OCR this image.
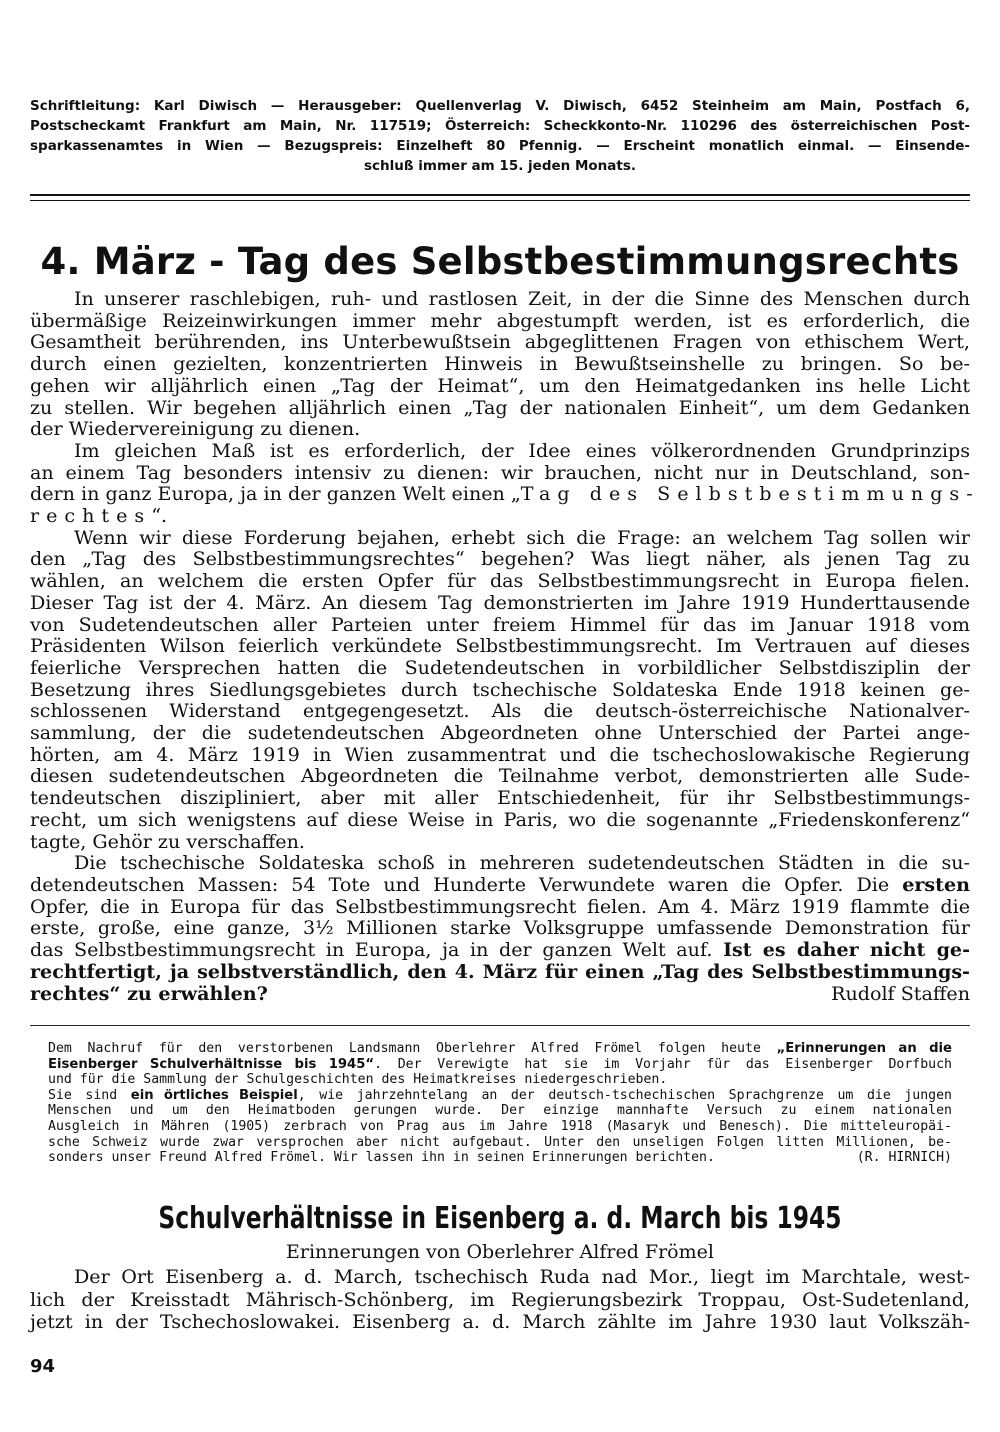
Schriftleitung: Karl Diwisch — Herausgeber: Quellenverlag V. Diwisch, 6452 Steinheim am Main, Postfach 6,
Postscheckamt Frankfurt am Main, Nr. 117519; Österreich: Scheckkonto-Nr. 110296 des österreichischen Post-
sparkassenamtes in Wien — Bezugspreis: Einzelheft 80 Pfennig. — Erscheint monatlich einmal. — Einsende-
schluß immer am 15. jeden Monats.
4. März - Tag des Selbstbestimmungsrechts
In unserer raschlebigen, ruh- und rastlosen Zeit, in der die Sinne des Menschen durch
übermäßige Reizeinwirkungen immer mehr abgestumpft werden, ist es erforderlich, die
Gesamtheit berührenden, ins Unterbewußtsein abgeglittenen Fragen von ethischem Wert,
durch einen gezielten, konzentrierten Hinweis in Bewußtseinshelle zu bringen. So be-
gehen wir alljährlich einen „Tag der Heimat“, um den Heimatgedanken ins helle Licht
zu stellen. Wir begehen alljährlich einen „Tag der nationalen Einheit“, um dem Gedanken
der Wiedervereinigung zu dienen.
Im gleichen Maß ist es erforderlich, der Idee eines völkerordnenden Grundprinzips
an einem Tag besonders intensiv zu dienen: wir brauchen, nicht nur in Deutschland, son-
dern in ganz Europa, ja in der ganzen Welt einen „Tag des Selbstbestimmungs-
rechtes“.
Wenn wir diese Forderung bejahen, erhebt sich die Frage: an welchem Tag sollen wir
den „Tag des Selbstbestimmungsrechtes“ begehen? Was liegt näher, als jenen Tag zu
wählen, an welchem die ersten Opfer für das Selbstbestimmungsrecht in Europa fielen.
Dieser Tag ist der 4. März. An diesem Tag demonstrierten im Jahre 1919 Hunderttausende
von Sudetendeutschen aller Parteien unter freiem Himmel für das im Januar 1918 vom
Präsidenten Wilson feierlich verkündete Selbstbestimmungsrecht. Im Vertrauen auf dieses
feierliche Versprechen hatten die Sudetendeutschen in vorbildlicher Selbstdisziplin der
Besetzung ihres Siedlungsgebietes durch tschechische Soldateska Ende 1918 keinen ge-
schlossenen Widerstand entgegengesetzt. Als die deutsch-österreichische Nationalver-
sammlung, der die sudetendeutschen Abgeordneten ohne Unterschied der Partei ange-
hörten, am 4. März 1919 in Wien zusammentrat und die tschechoslowakische Regierung
diesen sudetendeutschen Abgeordneten die Teilnahme verbot, demonstrierten alle Sude-
tendeutschen diszipliniert, aber mit aller Entschiedenheit, für ihr Selbstbestimmungs-
recht, um sich wenigstens auf diese Weise in Paris, wo die sogenannte „Friedenskonferenz“
tagte, Gehör zu verschaffen.
Die tschechische Soldateska schoß in mehreren sudetendeutschen Städten in die su-
detendeutschen Massen: 54 Tote und Hunderte Verwundete waren die Opfer. Die ersten
Opfer, die in Europa für das Selbstbestimmungsrecht fielen. Am 4. März 1919 flammte die
erste, große, eine ganze, 3½ Millionen starke Volksgruppe umfassende Demonstration für
das Selbstbestimmungsrecht in Europa, ja in der ganzen Welt auf. Ist es daher nicht ge-
rechtfertigt, ja selbstverständlich, den 4. März für einen „Tag des Selbstbestimmungs-
rechtes“ zu erwählen?	Rudolf Staffen
Dem Nachruf für den verstorbenen Landsmann Oberlehrer Alfred Frömel folgen heute „Erinnerungen an die
Eisenberger Schulverhältnisse bis 1945“. Der Verewigte hat sie im Vorjahr für das Eisenberger Dorfbuch
und für die Sammlung der Schulgeschichten des Heimatkreises niedergeschrieben.
Sie sind ein örtliches Beispiel, wie jahrzehntelang an der deutsch-tschechischen Sprachgrenze um die jungen
Menschen und um den Heimatboden gerungen wurde. Der einzige mannhafte Versuch zu einem nationalen
Ausgleich in Mähren (1905) zerbrach von Prag aus im Jahre 1918 (Masaryk und Benesch). Die mitteleuropäi-
sche Schweiz wurde zwar versprochen aber nicht aufgebaut. Unter den unseligen Folgen litten Millionen, be-
sonders unser Freund Alfred Frömel. Wir lassen ihn in seinen Erinnerungen berichten.	(R. HIRNICH)
Schulverhältnisse in Eisenberg a. d. March bis 1945
Erinnerungen von Oberlehrer Alfred Frömel
Der Ort Eisenberg a. d. March, tschechisch Ruda nad Mor., liegt im Marchtale, west-
lich der Kreisstadt Mährisch-Schönberg, im Regierungsbezirk Troppau, Ost-Sudetenland,
jetzt in der Tschechoslowakei. Eisenberg a. d. March zählte im Jahre 1930 laut Volkszäh-
94
